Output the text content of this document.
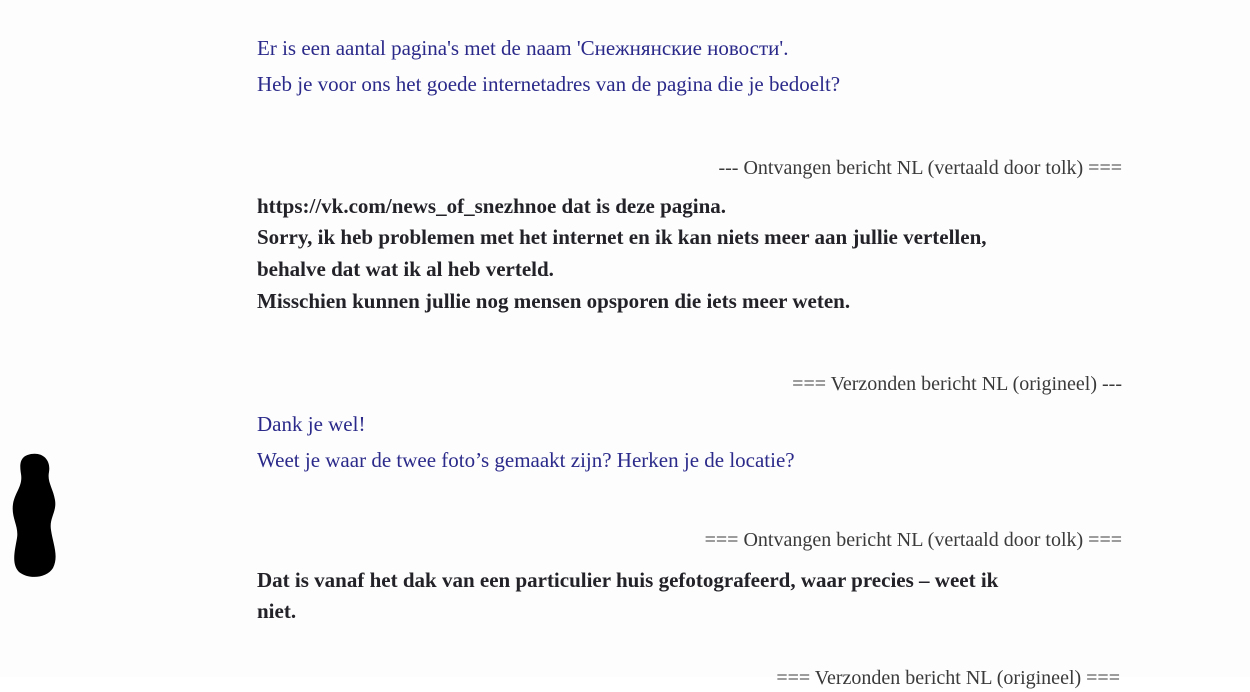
Er is een aantal pagina's met de naam 'Снежнянские новости'.
Heb je voor ons het goede internetadres van de pagina die je bedoelt?
--- Ontvangen bericht NL (vertaald door tolk) ===
https://vk.com/news_of_snezhnoe dat is deze pagina.
Sorry, ik heb problemen met het internet en ik kan niets meer aan jullie vertellen,
behalve dat wat ik al heb verteld.
Misschien kunnen jullie nog mensen opsporen die iets meer weten.
=== Verzonden bericht NL (origineel) ---
Dank je wel!
Weet je waar de twee foto’s gemaakt zijn? Herken je de locatie?
=== Ontvangen bericht NL (vertaald door tolk) ===
Dat is vanaf het dak van een particulier huis gefotografeerd, waar precies – weet ik
niet.
=== Verzonden bericht NL (origineel) ===
